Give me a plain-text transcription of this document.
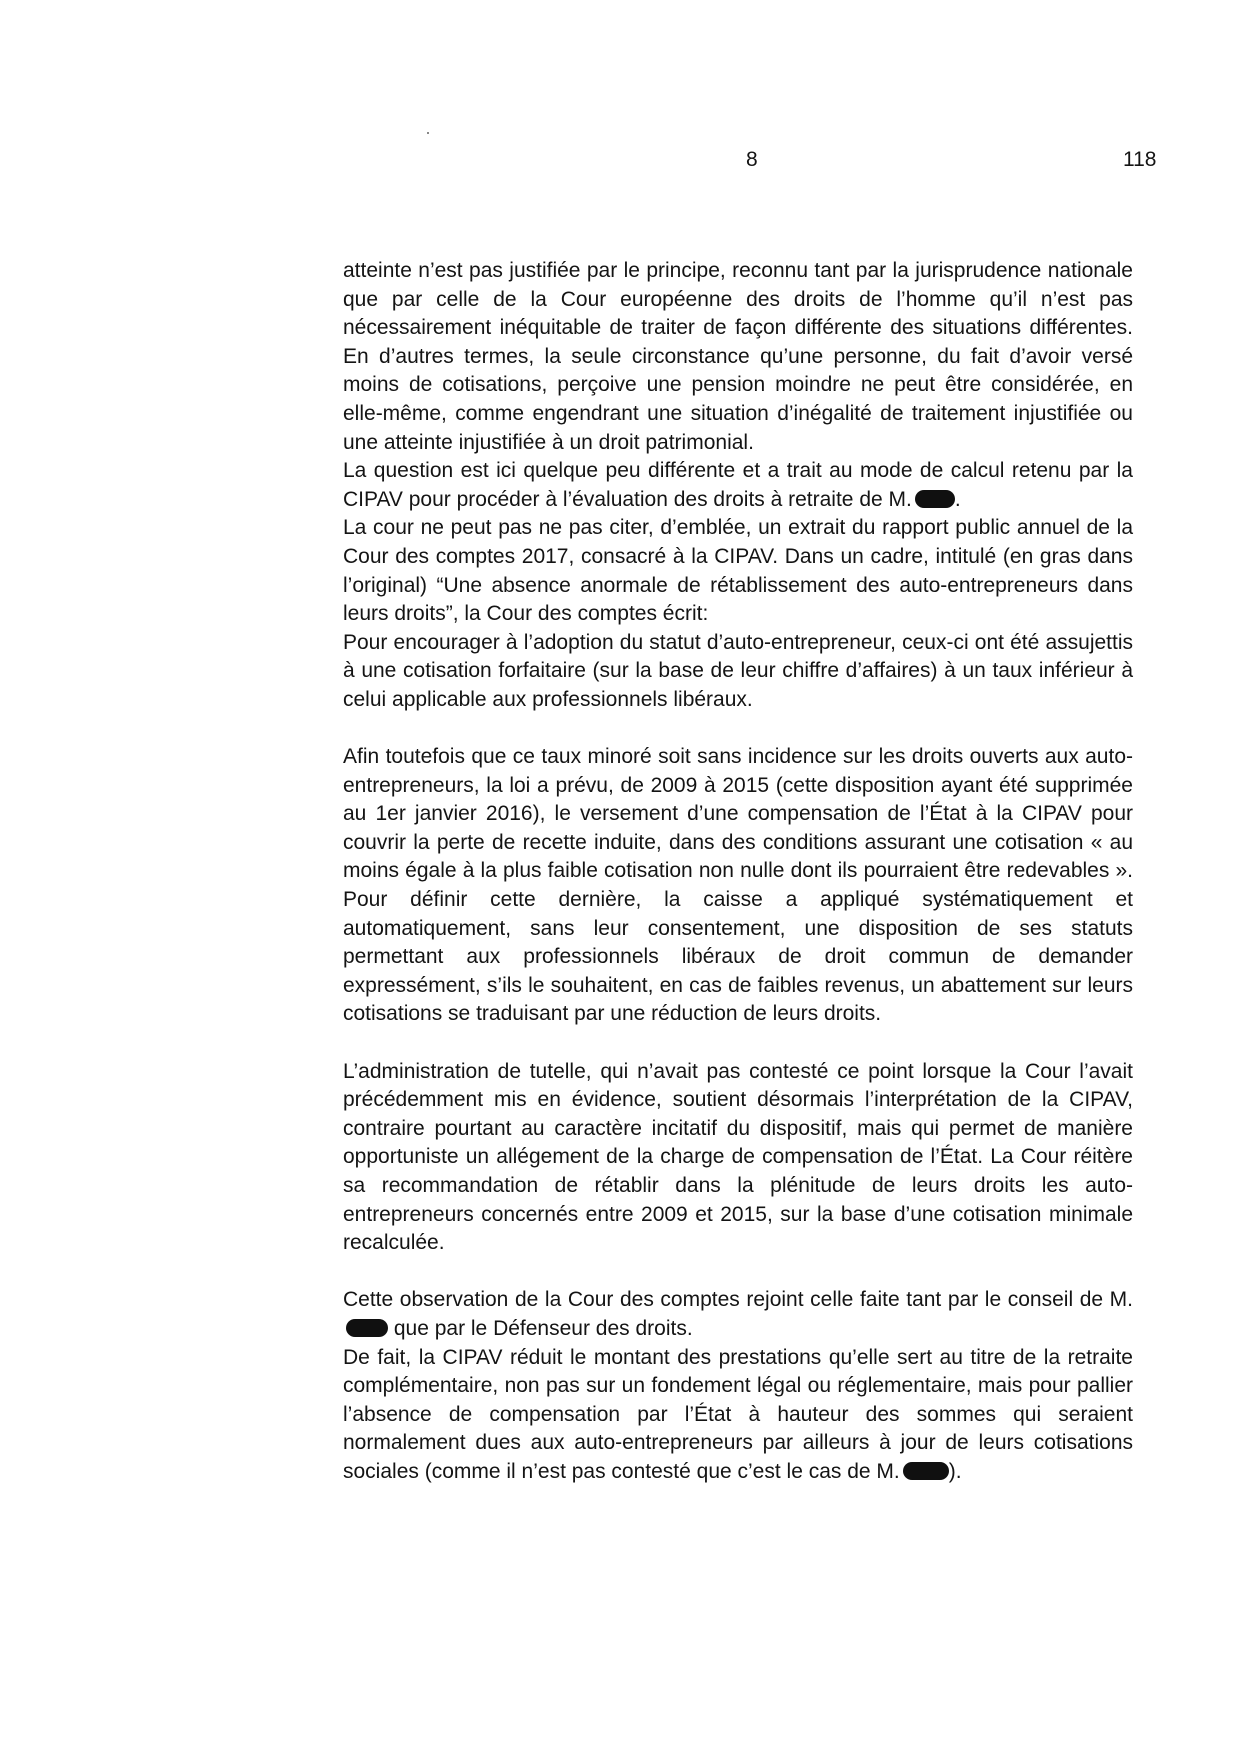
8	118

atteinte n’est pas justifiée par le principe, reconnu tant par la jurisprudence nationale que par celle de la Cour européenne des droits de l’homme qu’il n’est pas nécessairement inéquitable de traiter de façon différente des situations différentes. En d’autres termes, la seule circonstance qu’une personne, du fait d’avoir versé moins de cotisations, perçoive une pension moindre ne peut être considérée, en elle-même, comme engendrant une situation d’inégalité de traitement injustifiée ou une atteinte injustifiée à un droit patrimonial.

La question est ici quelque peu différente et a trait au mode de calcul retenu par la CIPAV pour procéder à l’évaluation des droits à retraite de M. .

La cour ne peut pas ne pas citer, d’emblée, un extrait du rapport public annuel de la Cour des comptes 2017, consacré à la CIPAV. Dans un cadre, intitulé (en gras dans l’original) “Une absence anormale de rétablissement des auto-entrepreneurs dans leurs droits”, la Cour des comptes écrit:

Pour encourager à l’adoption du statut d’auto-entrepreneur, ceux-ci ont été assujettis à une cotisation forfaitaire (sur la base de leur chiffre d’affaires) à un taux inférieur à celui applicable aux professionnels libéraux.

Afin toutefois que ce taux minoré soit sans incidence sur les droits ouverts aux auto-entrepreneurs, la loi a prévu, de 2009 à 2015 (cette disposition ayant été supprimée au 1er janvier 2016), le versement d’une compensation de l’État à la CIPAV pour couvrir la perte de recette induite, dans des conditions assurant une cotisation « au moins égale à la plus faible cotisation non nulle dont ils pourraient être redevables ». Pour définir cette dernière, la caisse a appliqué systématiquement et automatiquement, sans leur consentement, une disposition de ses statuts permettant aux professionnels libéraux de droit commun de demander expressément, s’ils le souhaitent, en cas de faibles revenus, un abattement sur leurs cotisations se traduisant par une réduction de leurs droits.

L’administration de tutelle, qui n’avait pas contesté ce point lorsque la Cour l’avait précédemment mis en évidence, soutient désormais l’interprétation de la CIPAV, contraire pourtant au caractère incitatif du dispositif, mais qui permet de manière opportuniste un allégement de la charge de compensation de l’État. La Cour réitère sa recommandation de rétablir dans la plénitude de leurs droits les auto-entrepreneurs concernés entre 2009 et 2015, sur la base d’une cotisation minimale recalculée.

Cette observation de la Cour des comptes rejoint celle faite tant par le conseil de M. que par le Défenseur des droits.

De fait, la CIPAV réduit le montant des prestations qu’elle sert au titre de la retraite complémentaire, non pas sur un fondement légal ou réglementaire, mais pour pallier l’absence de compensation par l’État à hauteur des sommes qui seraient normalement dues aux auto-entrepreneurs par ailleurs à jour de leurs cotisations sociales (comme il n’est pas contesté que c’est le cas de M. ).
